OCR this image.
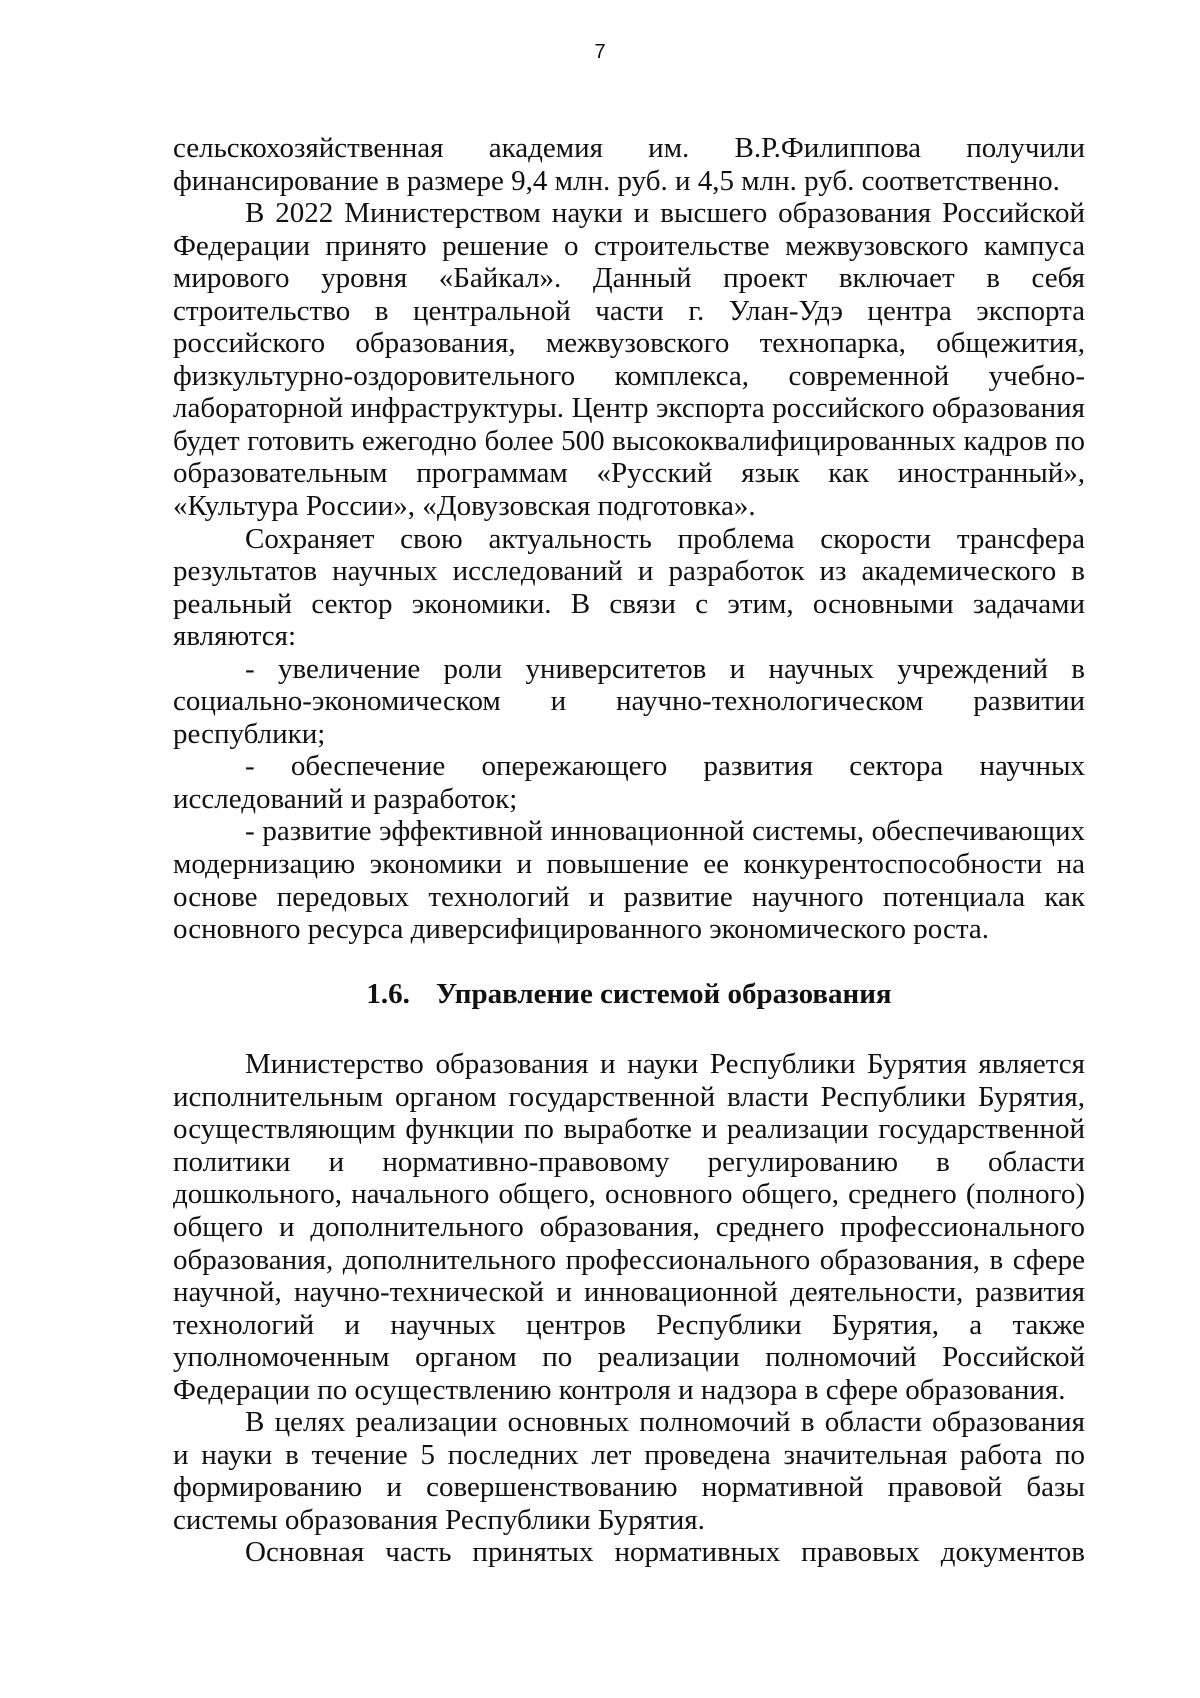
7

сельскохозяйственная академия им. В.Р.Филиппова получили финансирование в размере 9,4 млн. руб. и 4,5 млн. руб. соответственно.

В 2022 Министерством науки и высшего образования Российской Федерации принято решение о строительстве межвузовского кампуса мирового уровня «Байкал». Данный проект включает в себя строительство в центральной части г. Улан-Удэ центра экспорта российского образования, межвузовского технопарка, общежития, физкультурно-оздоровительного комплекса, современной учебно-лабораторной инфраструктуры. Центр экспорта российского образования будет готовить ежегодно более 500 высококвалифицированных кадров по образовательным программам «Русский язык как иностранный», «Культура России», «Довузовская подготовка».

Сохраняет свою актуальность проблема скорости трансфера результатов научных исследований и разработок из академического в реальный сектор экономики. В связи с этим, основными задачами являются:

- увеличение роли университетов и научных учреждений в социально-экономическом и научно-технологическом развитии республики;

- обеспечение опережающего развития сектора научных исследований и разработок;

- развитие эффективной инновационной системы, обеспечивающих модернизацию экономики и повышение ее конкурентоспособности на основе передовых технологий и развитие научного потенциала как основного ресурса диверсифицированного экономического роста.

1.6. Управление системой образования

Министерство образования и науки Республики Бурятия является исполнительным органом государственной власти Республики Бурятия, осуществляющим функции по выработке и реализации государственной политики и нормативно-правовому регулированию в области дошкольного, начального общего, основного общего, среднего (полного) общего и дополнительного образования, среднего профессионального образования, дополнительного профессионального образования, в сфере научной, научно-технической и инновационной деятельности, развития технологий и научных центров Республики Бурятия, а также уполномоченным органом по реализации полномочий Российской Федерации по осуществлению контроля и надзора в сфере образования.

В целях реализации основных полномочий в области образования и науки в течение 5 последних лет проведена значительная работа по формированию и совершенствованию нормативной правовой базы системы образования Республики Бурятия.

Основная часть принятых нормативных правовых документов
